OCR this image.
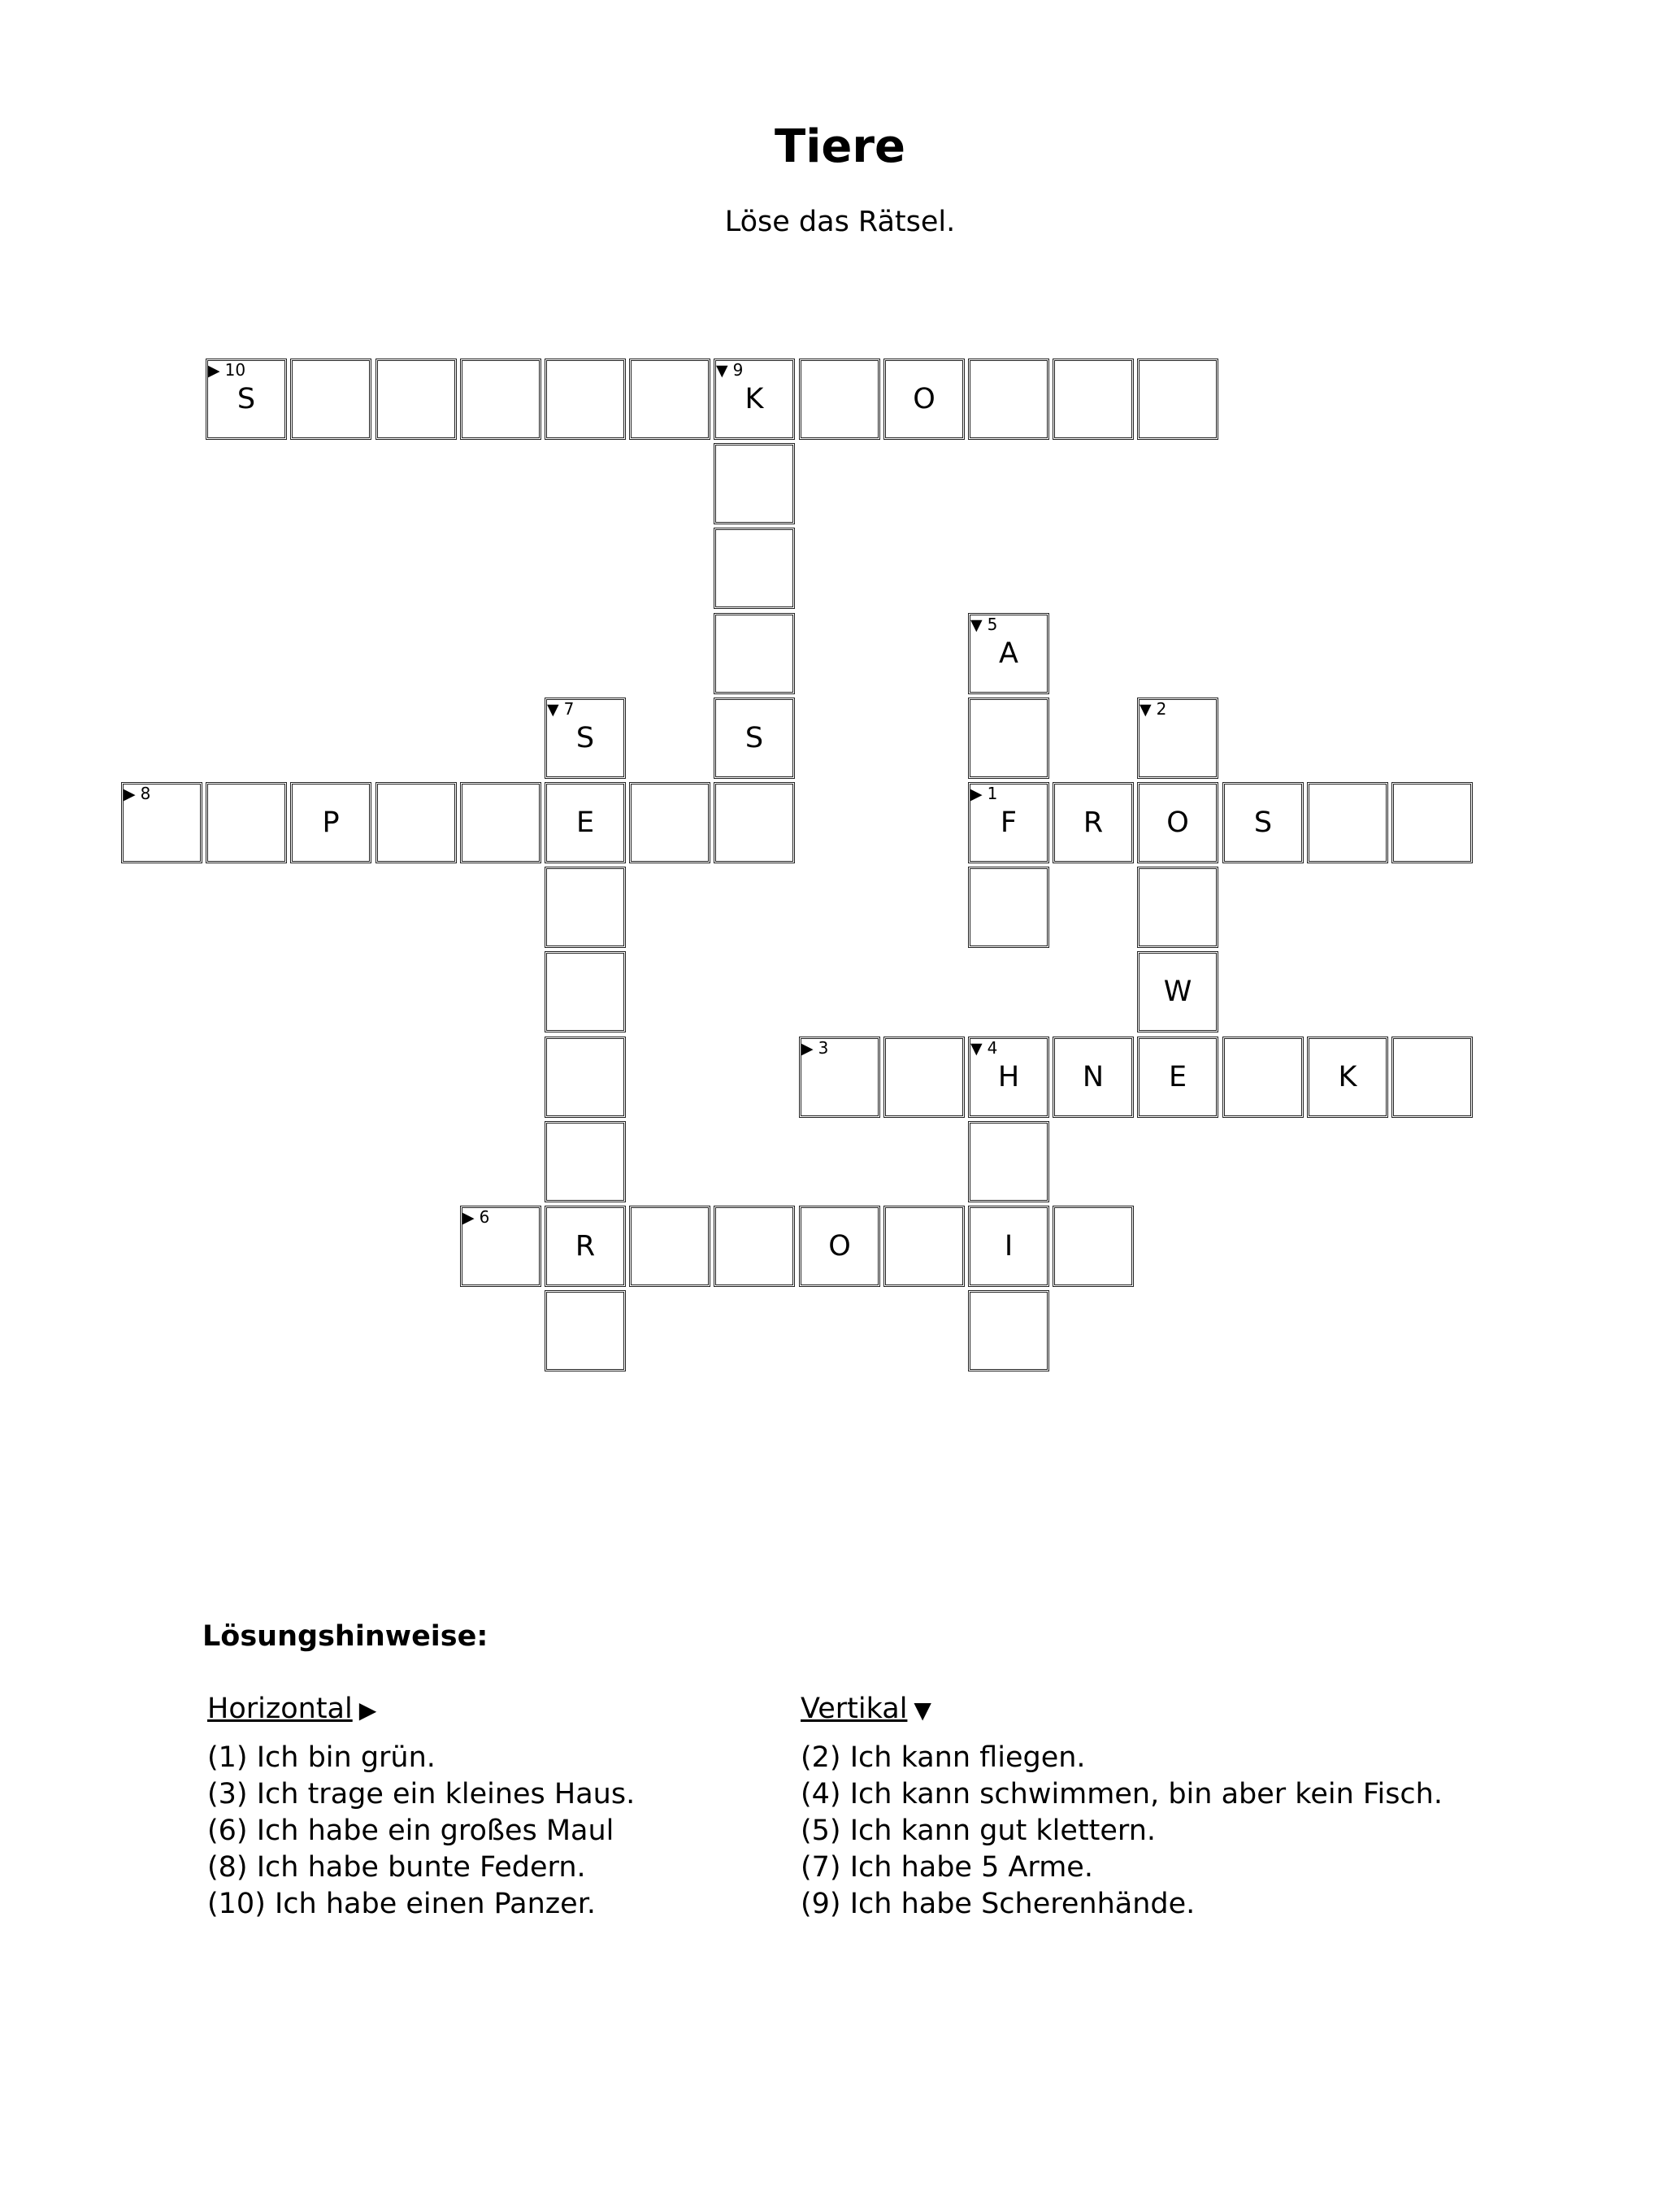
Tiere

Löse das Rätsel.

▶ 10
S
▼ 9
K	O
▼ 5
A
▼ 7
S	S
▼ 2
▶ 8
P	E
▶ 1
F	R	O	S
W
▶ 3	▼ 4
H	N	E	K
▶ 6
R	O	I
Lösungshinweise:
Horizontal ▶
(1) Ich bin grün.
(3) Ich trage ein kleines Haus.
(6) Ich habe ein großes Maul
(8) Ich habe bunte Federn.
(10) Ich habe einen Panzer.
Vertikal ▼
(2) Ich kann fliegen.
(4) Ich kann schwimmen, bin aber kein Fisch.
(5) Ich kann gut klettern.
(7) Ich habe 5 Arme.
(9) Ich habe Scherenhände.
